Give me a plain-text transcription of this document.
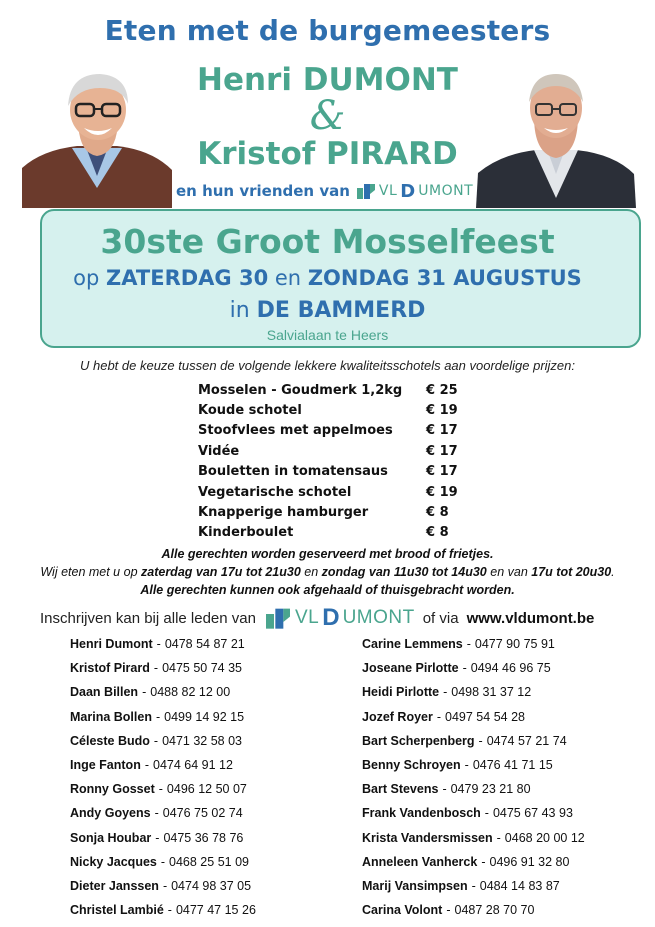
Eten met de burgemeesters
Henri DUMONT
&
Kristof PIRARD
en hun vrienden van VL D UMONT
30ste Groot Mosselfeest
op ZATERDAG 30 en ZONDAG 31 AUGUSTUS
in DE BAMMERD
Salvialaan te Heers
U hebt de keuze tussen de volgende lekkere kwaliteitsschotels aan voordelige prijzen:
Mosselen - Goudmerk 1,2kg	€ 25
Koude schotel	€ 19
Stoofvlees met appelmoes	€ 17
Vidée	€ 17
Bouletten in tomatensaus	€ 17
Vegetarische schotel	€ 19
Knapperige hamburger	€ 8
Kinderboulet	€ 8
Alle gerechten worden geserveerd met brood of frietjes.
Wij eten met u op zaterdag van 17u tot 21u30 en zondag van 11u30 tot 14u30 en van 17u tot 20u30.
Alle gerechten kunnen ook afgehaald of thuisgebracht worden.
Inschrijven kan bij alle leden van VL D UMONT of via www.vldumont.be
Henri Dumont - 0478 54 87 21
Kristof Pirard - 0475 50 74 35
Daan Billen - 0488 82 12 00
Marina Bollen - 0499 14 92 15
Céleste Budo - 0471 32 58 03
Inge Fanton - 0474 64 91 12
Ronny Gosset - 0496 12 50 07
Andy Goyens - 0476 75 02 74
Sonja Houbar - 0475 36 78 76
Nicky Jacques - 0468 25 51 09
Dieter Janssen - 0474 98 37 05
Christel Lambié - 0477 47 15 26
Carine Lemmens - 0477 90 75 91
Joseane Pirlotte - 0494 46 96 75
Heidi Pirlotte - 0498 31 37 12
Jozef Royer - 0497 54 54 28
Bart Scherpenberg - 0474 57 21 74
Benny Schroyen - 0476 41 71 15
Bart Stevens - 0479 23 21 80
Frank Vandenbosch - 0475 67 43 93
Krista Vandersmissen - 0468 20 00 12
Anneleen Vanherck - 0496 91 32 80
Marij Vansimpsen - 0484 14 83 87
Carina Volont - 0487 28 70 70
